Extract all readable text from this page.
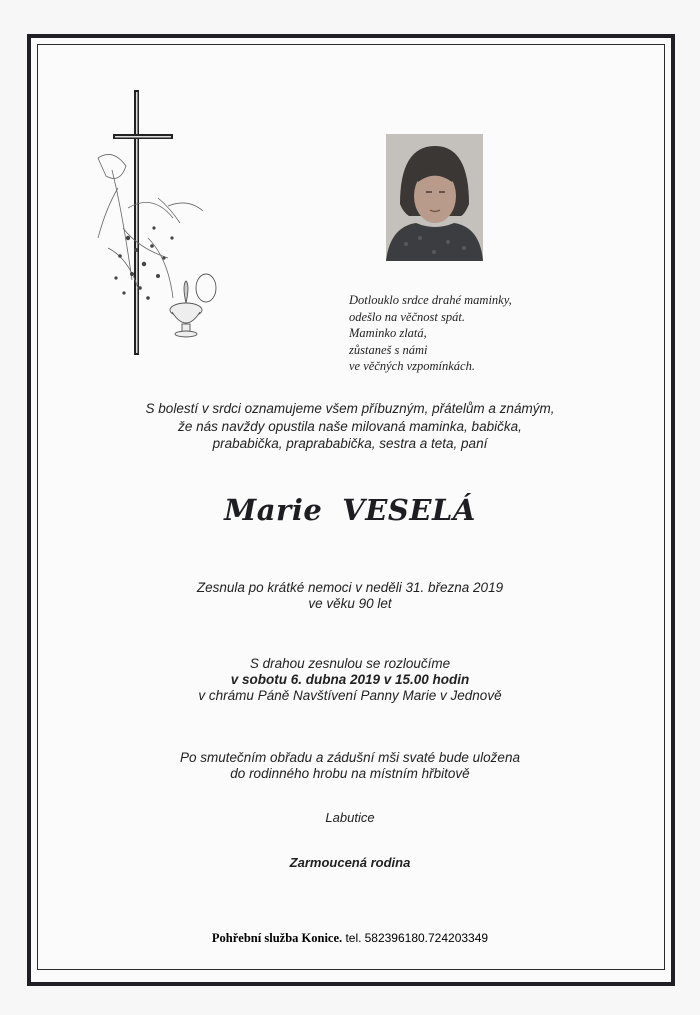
Dotlouklo srdce drahé maminky,
odešlo na věčnost spát.
Maminko zlatá,
zůstaneš s námi
ve věčných vzpomínkách.
S bolestí v srdci oznamujeme všem příbuzným, přátelům a známým,
že nás navždy opustila naše milovaná maminka, babička,
prababička, praprababička, sestra a teta, paní
Marie VESELÁ
Zesnula po krátké nemoci v neděli 31. března 2019
ve věku 90 let
S drahou zesnulou se rozloučíme
v sobotu 6. dubna 2019 v 15.00 hodin
v chrámu Páně Navštívení Panny Marie v Jednově
Po smutečním obřadu a zádušní mši svaté bude uložena
do rodinného hrobu na místním hřbitově
Labutice
Zarmoucená rodina
Pohřební služba Konice. tel. 582396180.724203349
